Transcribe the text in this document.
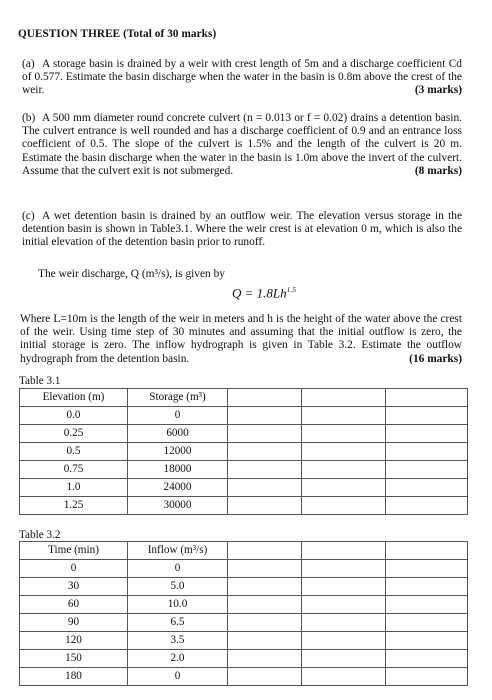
QUESTION THREE (Total of 30 marks)
(a) A storage basin is drained by a weir with crest length of 5m and a discharge coefficient Cd of 0.577. Estimate the basin discharge when the water in the basin is 0.8m above the crest of the weir.	(3 marks)
(b) A 500 mm diameter round concrete culvert (n = 0.013 or f = 0.02) drains a detention basin. The culvert entrance is well rounded and has a discharge coefficient of 0.9 and an entrance loss coefficient of 0.5. The slope of the culvert is 1.5% and the length of the culvert is 20 m. Estimate the basin discharge when the water in the basin is 1.0m above the invert of the culvert. Assume that the culvert exit is not submerged.	(8 marks)
(c) A wet detention basin is drained by an outflow weir. The elevation versus storage in the detention basin is shown in Table3.1. Where the weir crest is at elevation 0 m, which is also the initial elevation of the detention basin prior to runoff.
The weir discharge, Q (m³/s), is given by
$Q = 1.8Lh^{1.5}$
Where L=10m is the length of the weir in meters and h is the height of the water above the crest of the weir. Using time step of 30 minutes and assuming that the initial outflow is zero, the initial storage is zero. The inflow hydrograph is given in Table 3.2. Estimate the outflow hydrograph from the detention basin.	(16 marks)
Table 3.1
Elevation (m)	Storage (m³)			
0.0	0			
0.25	6000			
0.5	12000			
0.75	18000			
1.0	24000			
1.25	30000			
Table 3.2
Time (min)	Inflow (m³/s)			
0	0			
30	5.0			
60	10.0			
90	6.5			
120	3.5			
150	2.0			
180	0			
